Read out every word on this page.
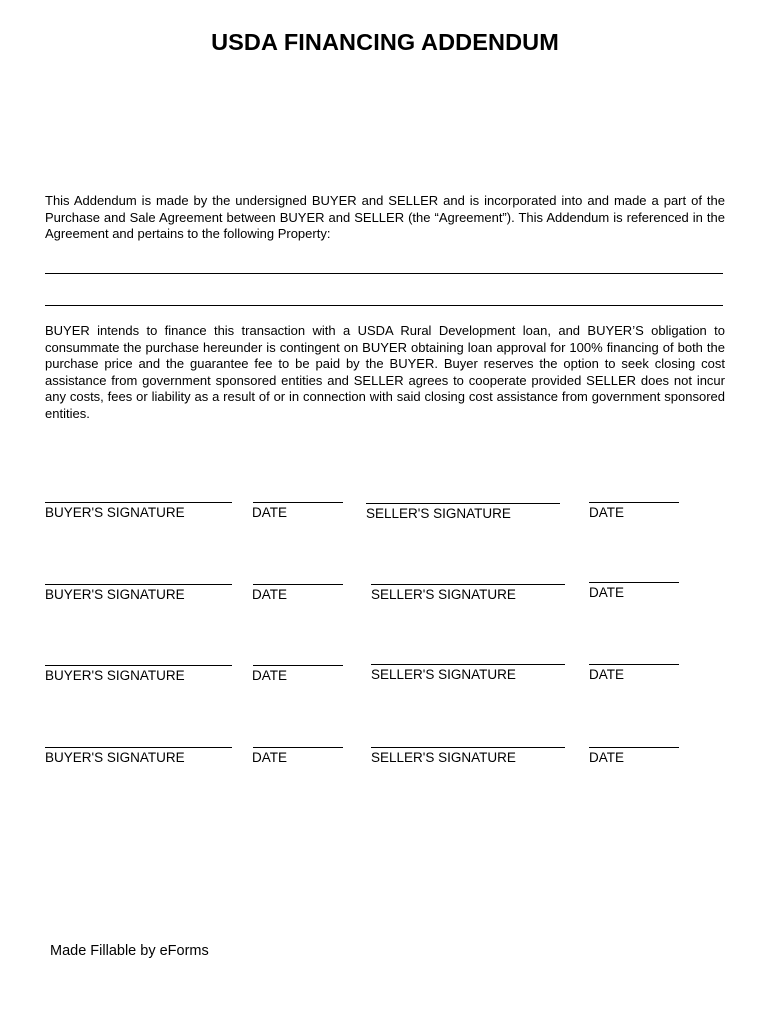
USDA FINANCING ADDENDUM
This Addendum is made by the undersigned BUYER and SELLER and is incorporated into and made a part of the Purchase and Sale Agreement between BUYER and SELLER (the “Agreement”). This Addendum is referenced in the Agreement and pertains to the following Property:
BUYER intends to finance this transaction with a USDA Rural Development loan, and BUYER’S obligation to consummate the purchase hereunder is contingent on BUYER obtaining loan approval for 100% financing of both the purchase price and the guarantee fee to be paid by the BUYER. Buyer reserves the option to seek closing cost assistance from government sponsored entities and SELLER agrees to cooperate provided SELLER does not incur any costs, fees or liability as a result of or in connection with said closing cost assistance from government sponsored entities.
BUYER'S SIGNATURE	DATE	SELLER'S SIGNATURE	DATE
BUYER'S SIGNATURE	DATE	SELLER'S SIGNATURE	DATE
BUYER'S SIGNATURE	DATE	SELLER'S SIGNATURE	DATE
BUYER'S SIGNATURE	DATE	SELLER'S SIGNATURE	DATE
Made Fillable by eForms
